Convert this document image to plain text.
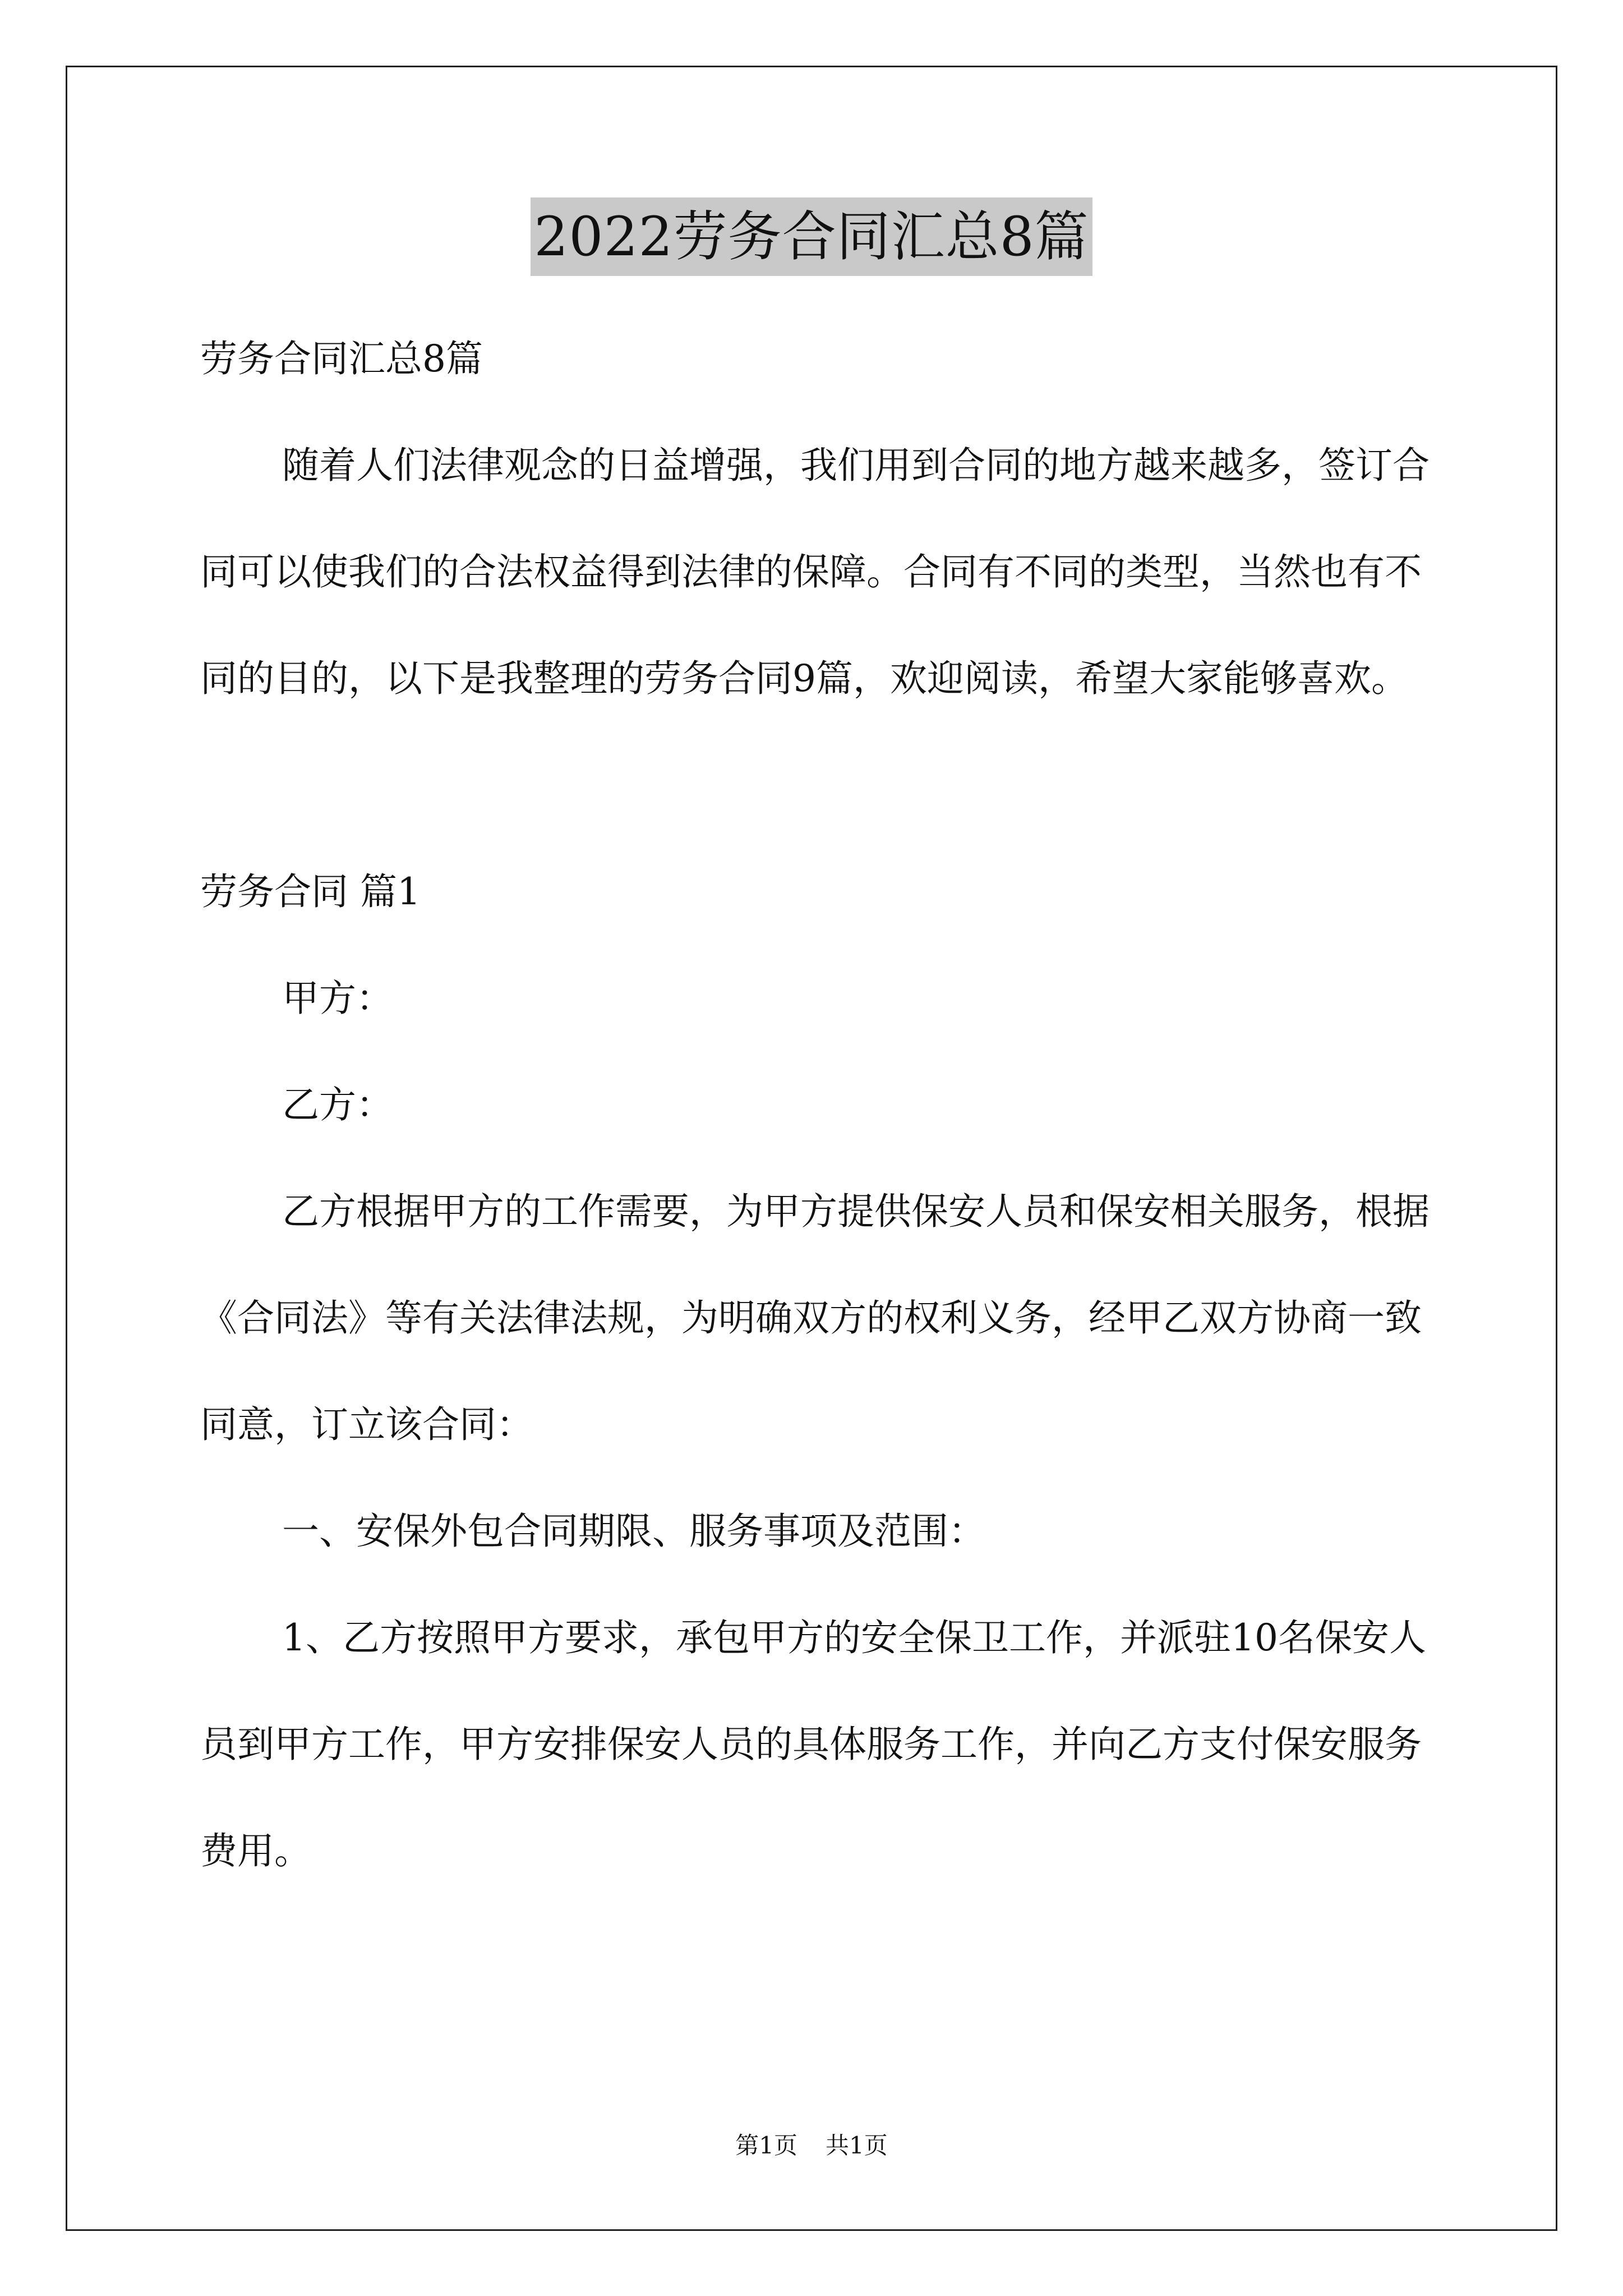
2022劳务合同汇总8篇

劳务合同汇总8篇

随着人们法律观念的日益增强，我们用到合同的地方越来越多，签订合同可以使我们的合法权益得到法律的保障。合同有不同的类型，当然也有不同的目的，以下是我整理的劳务合同9篇，欢迎阅读，希望大家能够喜欢。

劳务合同 篇1

甲方：

乙方：

乙方根据甲方的工作需要，为甲方提供保安人员和保安相关服务，根据《合同法》等有关法律法规，为明确双方的权利义务，经甲乙双方协商一致同意，订立该合同：

一、安保外包合同期限、服务事项及范围：

1、乙方按照甲方要求，承包甲方的安全保卫工作，并派驻10名保安人员到甲方工作，甲方安排保安人员的具体服务工作，并向乙方支付保安服务费用。

第1页 共1页
